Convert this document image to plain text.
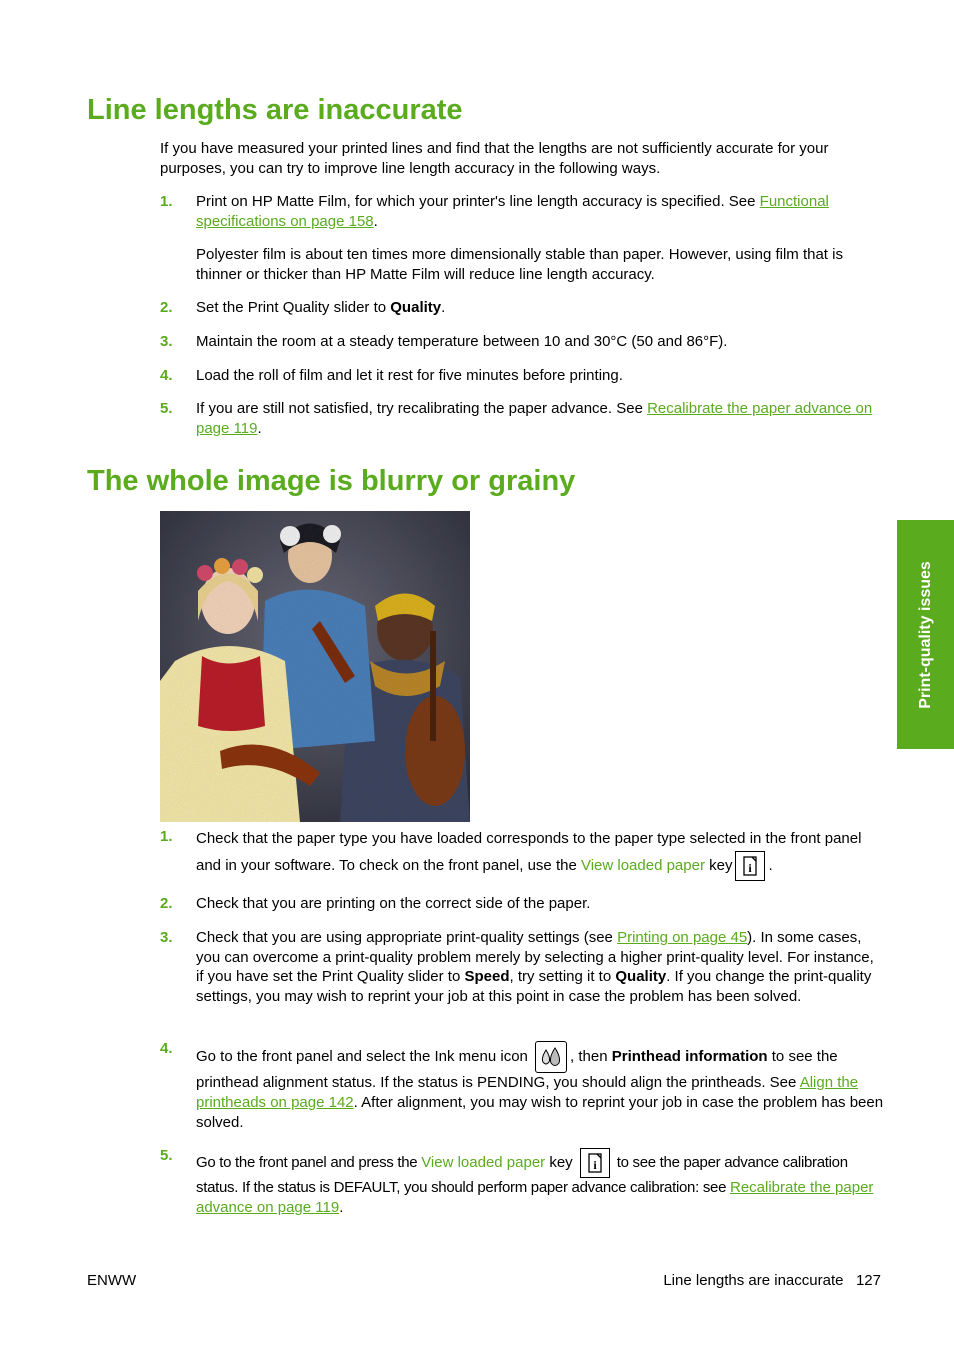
Line lengths are inaccurate

If you have measured your printed lines and find that the lengths are not sufficiently accurate for your purposes, you can try to improve line length accuracy in the following ways.

1. Print on HP Matte Film, for which your printer's line length accuracy is specified. See Functional specifications on page 158.

Polyester film is about ten times more dimensionally stable than paper. However, using film that is thinner or thicker than HP Matte Film will reduce line length accuracy.

2. Set the Print Quality slider to Quality.

3. Maintain the room at a steady temperature between 10 and 30°C (50 and 86°F).

4. Load the roll of film and let it rest for five minutes before printing.

5. If you are still not satisfied, try recalibrating the paper advance. See Recalibrate the paper advance on page 119.

The whole image is blurry or grainy
1. Check that the paper type you have loaded corresponds to the paper type selected in the front panel and in your software. To check on the front panel, use the View loaded paper key i .

2. Check that you are printing on the correct side of the paper.

3. Check that you are using appropriate print-quality settings (see Printing on page 45). In some cases, you can overcome a print-quality problem merely by selecting a higher print-quality level. For instance, if you have set the Print Quality slider to Speed, try setting it to Quality. If you change the print-quality settings, you may wish to reprint your job at this point in case the problem has been solved.

4. Go to the front panel and select the Ink menu icon	, then Printhead information to see the printhead alignment status. If the status is PENDING, you should align the printheads. See Align the printheads on page 142. After alignment, you may wish to reprint your job in case the problem has been solved.

5. Go to the front panel and press the View loaded paper key i to see the paper advance calibration status. If the status is DEFAULT, you should perform paper advance calibration: see Recalibrate the paper advance on page 119.

Print-quality issues
ENWW	Line lengths are inaccurate   127
